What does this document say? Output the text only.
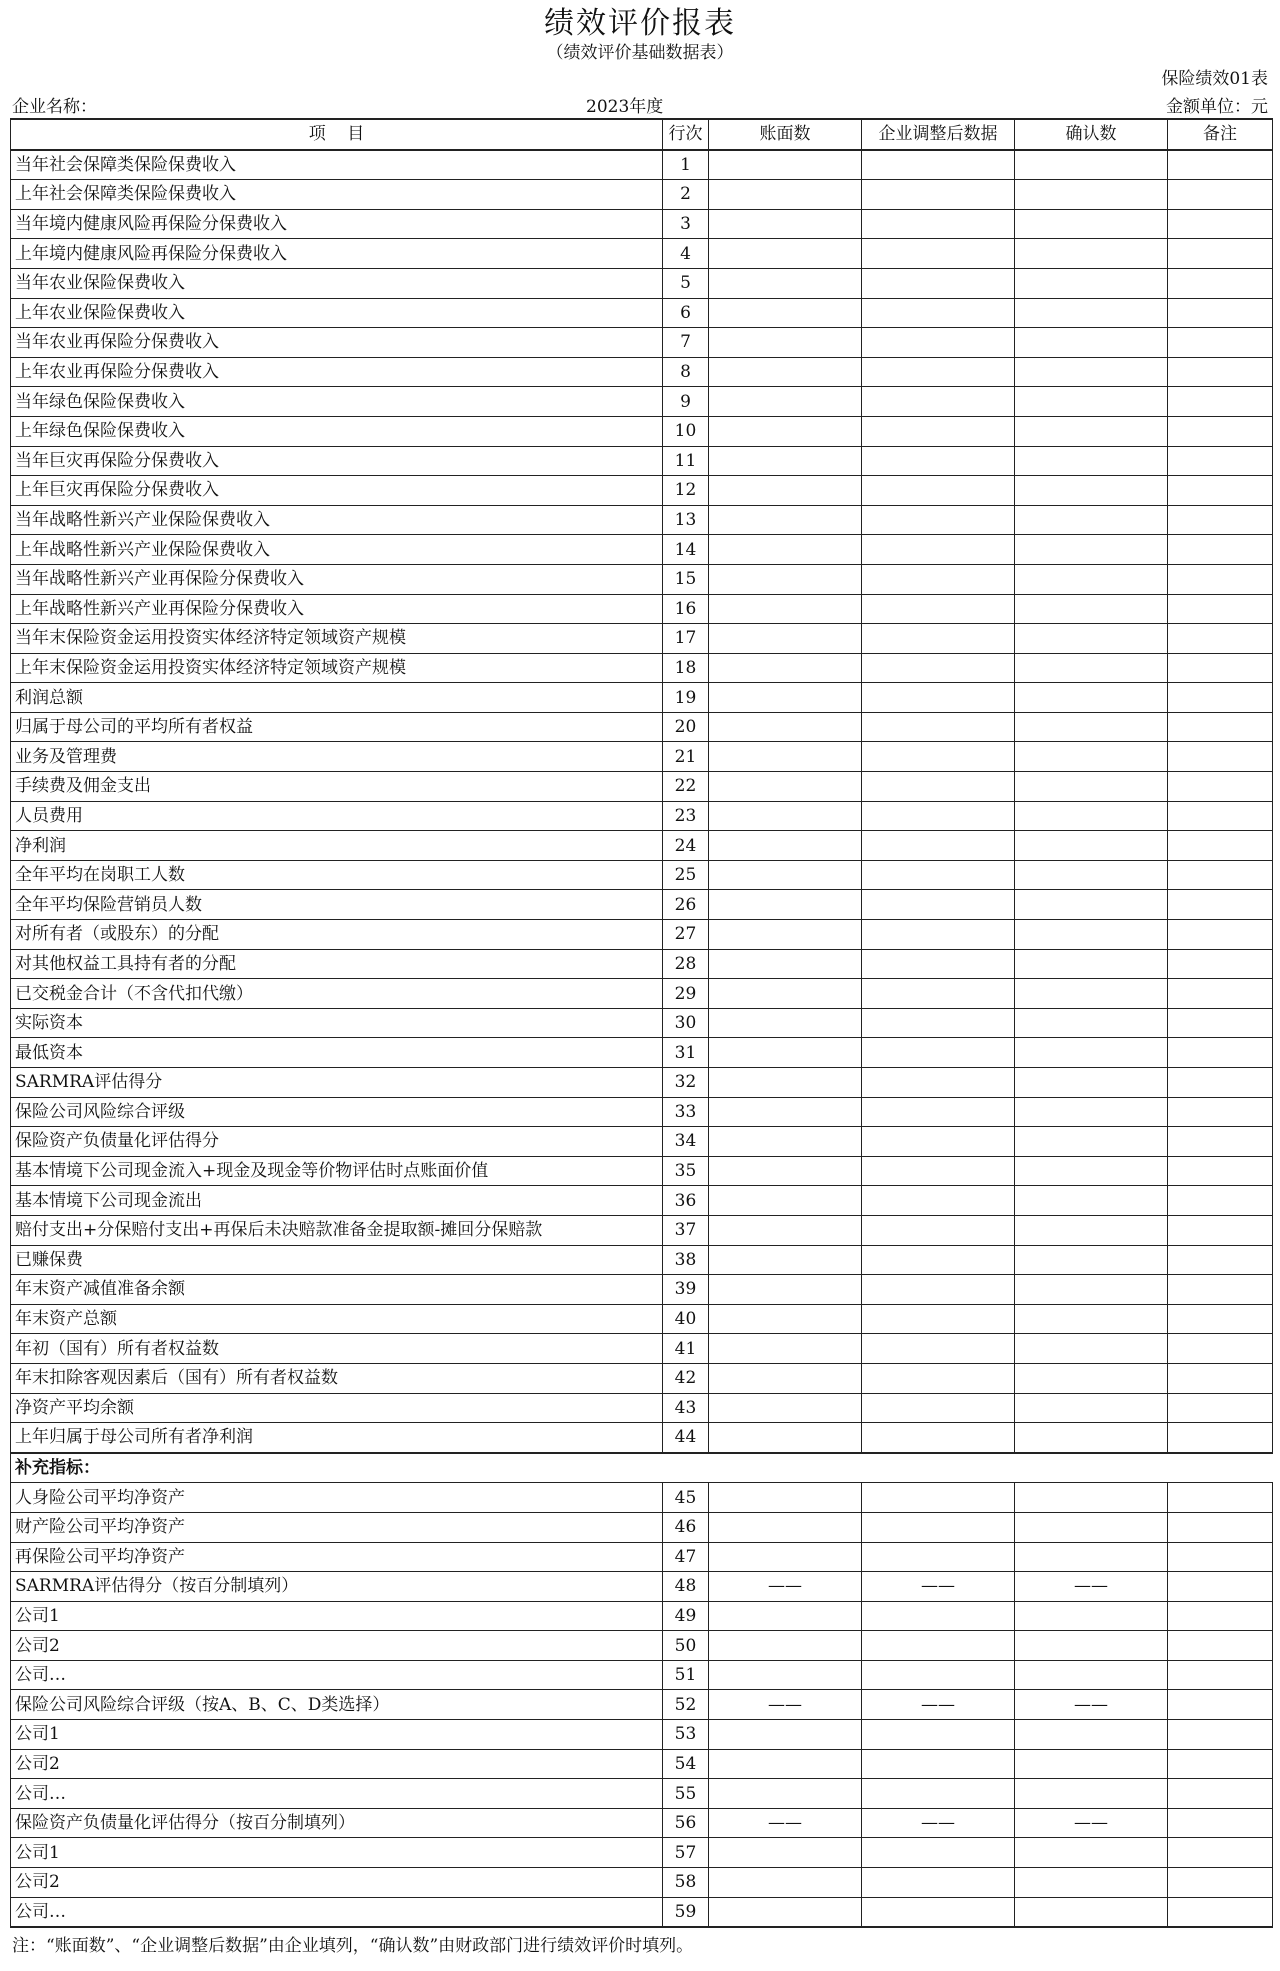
绩效评价报表
（绩效评价基础数据表）
保险绩效01表
企业名称：	2023年度	金额单位：元
项    目	行次	账面数	企业调整后数据	确认数	备注
当年社会保障类保险保费收入	1				
上年社会保障类保险保费收入	2				
当年境内健康风险再保险分保费收入	3				
上年境内健康风险再保险分保费收入	4				
当年农业保险保费收入	5				
上年农业保险保费收入	6				
当年农业再保险分保费收入	7				
上年农业再保险分保费收入	8				
当年绿色保险保费收入	9				
上年绿色保险保费收入	10				
当年巨灾再保险分保费收入	11				
上年巨灾再保险分保费收入	12				
当年战略性新兴产业保险保费收入	13				
上年战略性新兴产业保险保费收入	14				
当年战略性新兴产业再保险分保费收入	15				
上年战略性新兴产业再保险分保费收入	16				
当年末保险资金运用投资实体经济特定领域资产规模	17				
上年末保险资金运用投资实体经济特定领域资产规模	18				
利润总额	19				
归属于母公司的平均所有者权益	20				
业务及管理费	21				
手续费及佣金支出	22				
人员费用	23				
净利润	24				
全年平均在岗职工人数	25				
全年平均保险营销员人数	26				
对所有者（或股东）的分配	27				
对其他权益工具持有者的分配	28				
已交税金合计（不含代扣代缴）	29				
实际资本	30				
最低资本	31				
SARMRA评估得分	32				
保险公司风险综合评级	33				
保险资产负债量化评估得分	34				
基本情境下公司现金流入+现金及现金等价物评估时点账面价值	35				
基本情境下公司现金流出	36				
赔付支出+分保赔付支出+再保后未决赔款准备金提取额-摊回分保赔款	37				
已赚保费	38				
年末资产减值准备余额	39				
年末资产总额	40				
年初（国有）所有者权益数	41				
年末扣除客观因素后（国有）所有者权益数	42				
净资产平均余额	43				
上年归属于母公司所有者净利润	44				
补充指标：					
人身险公司平均净资产	45				
财产险公司平均净资产	46				
再保险公司平均净资产	47				
SARMRA评估得分（按百分制填列）	48	——	——	——	
公司1	49				
公司2	50				
公司…	51				
保险公司风险综合评级（按A、B、C、D类选择）	52	——	——	——	
公司1	53				
公司2	54				
公司…	55				
保险资产负债量化评估得分（按百分制填列）	56	——	——	——	
公司1	57				
公司2	58				
公司…	59				
注：“账面数”、“企业调整后数据”由企业填列，“确认数”由财政部门进行绩效评价时填列。
